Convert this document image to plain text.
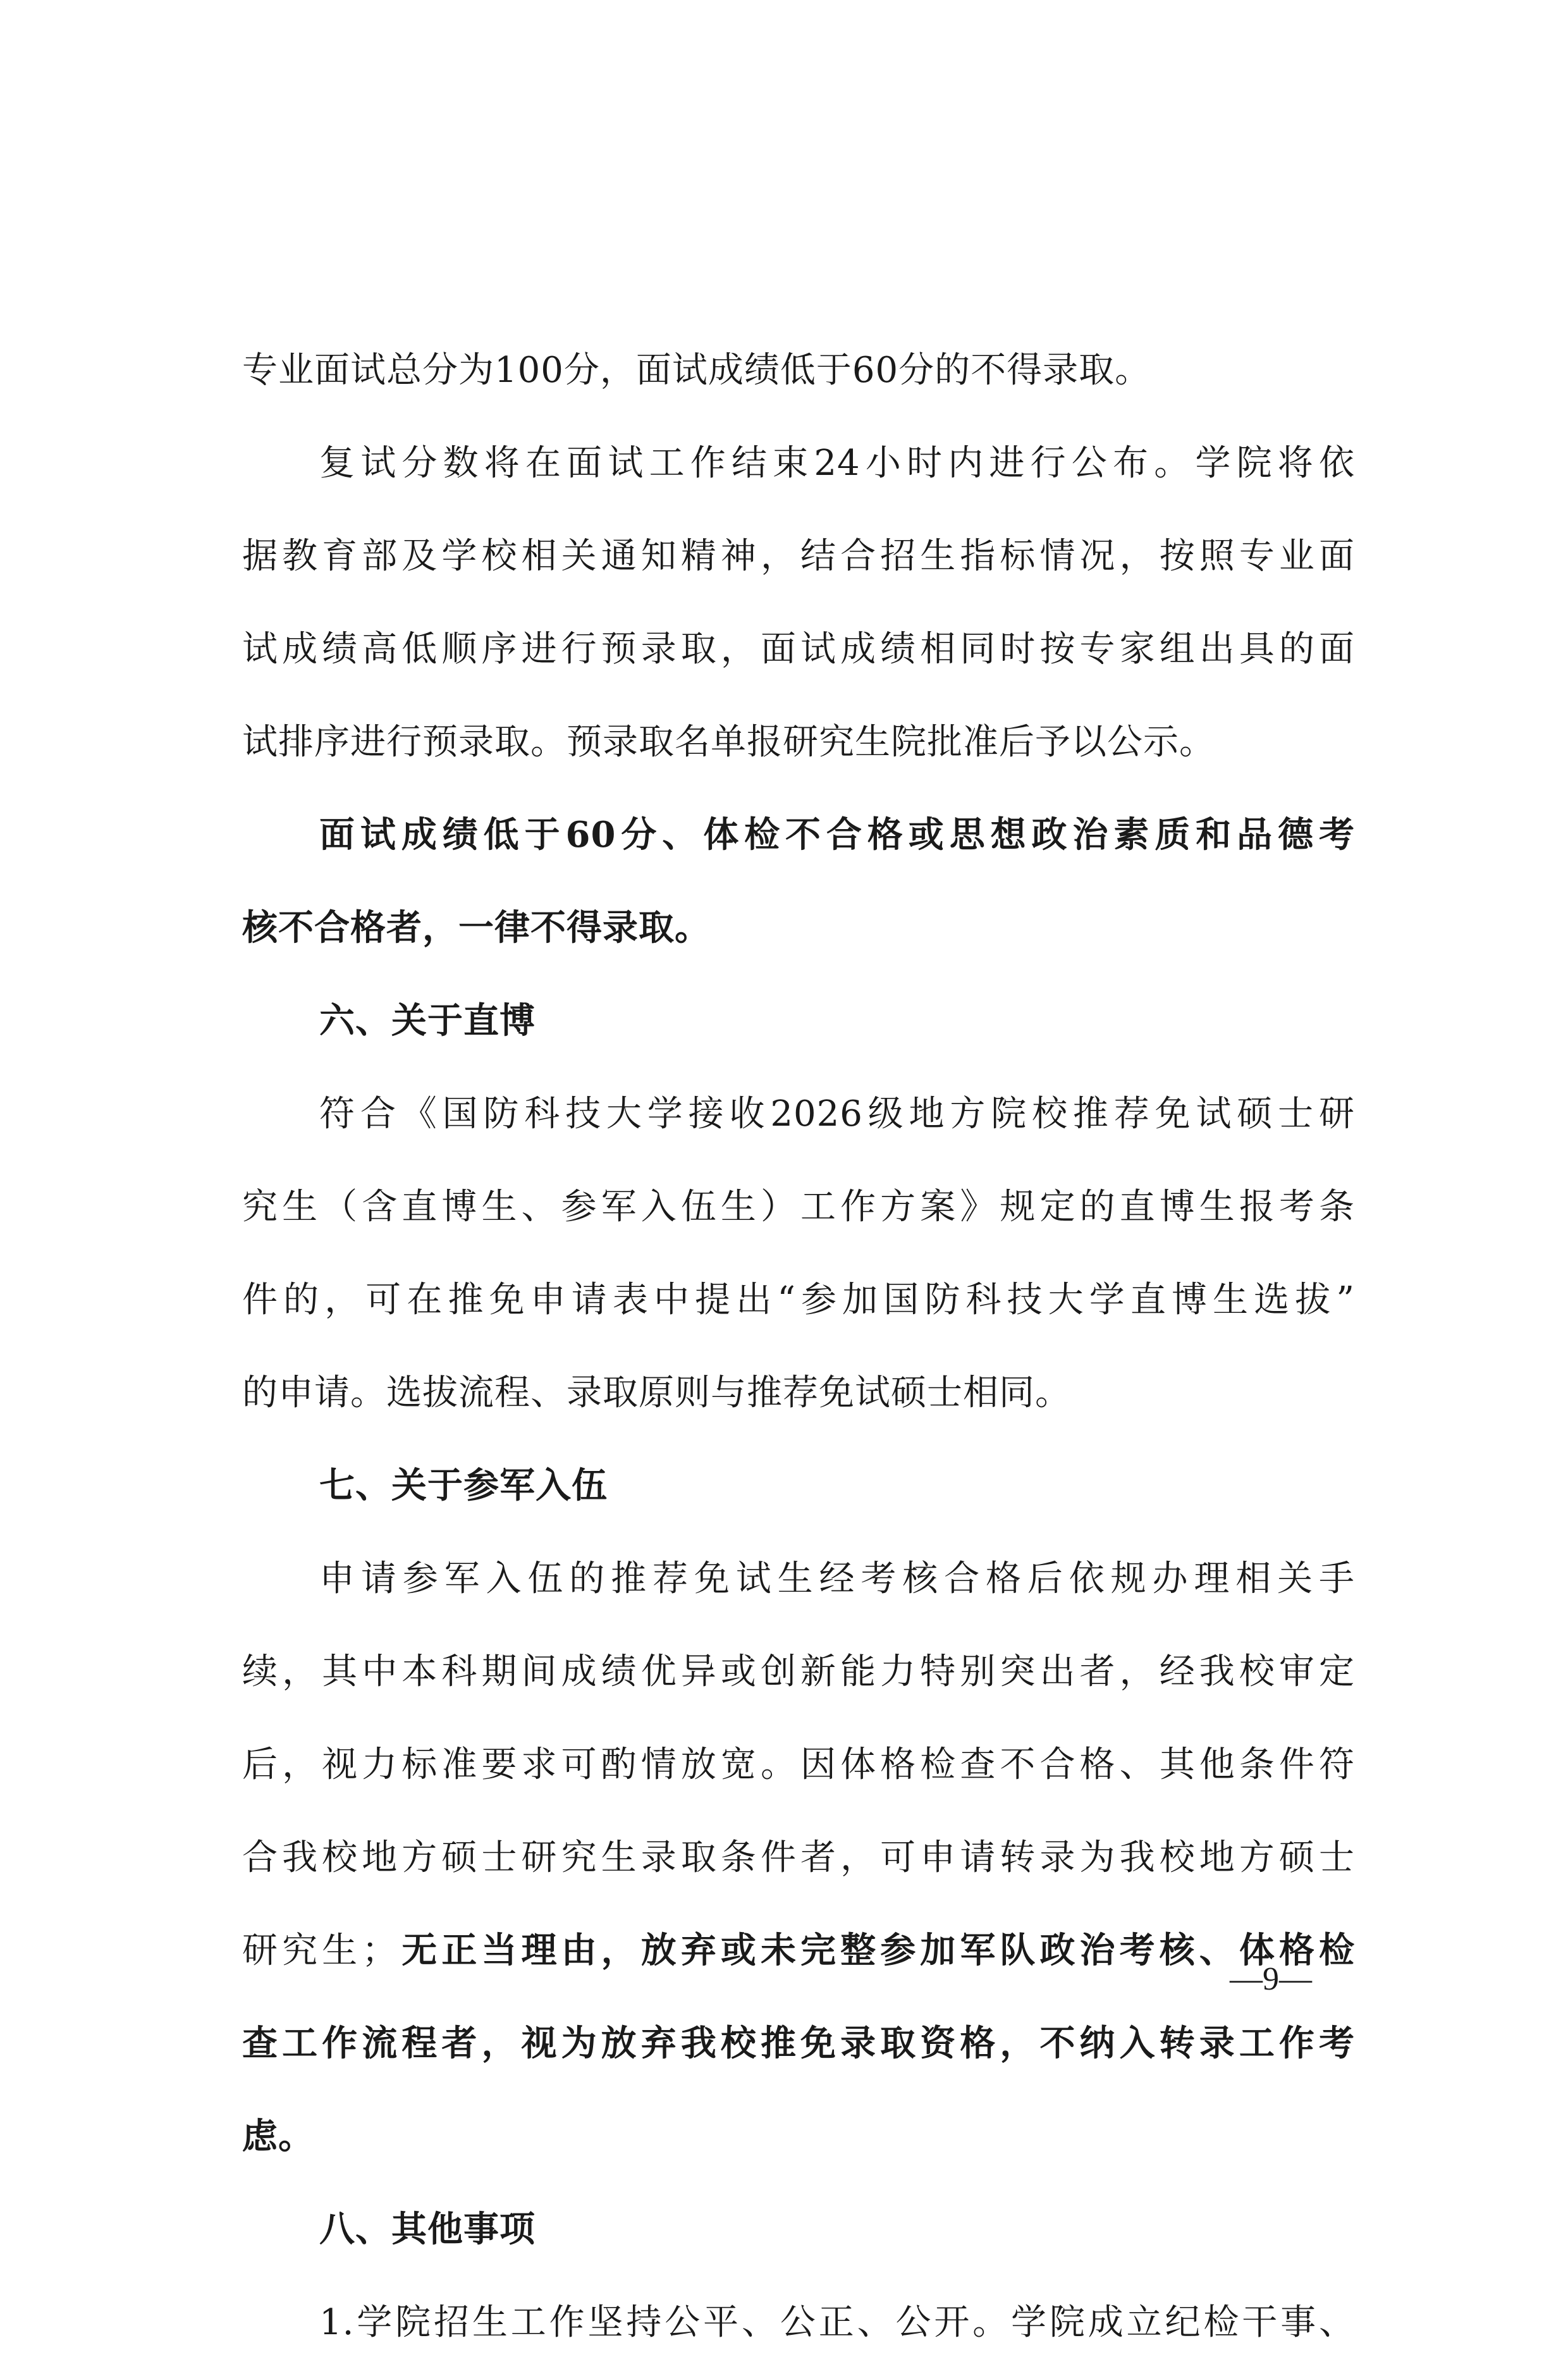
专业面试总分为100分，面试成绩低于60分的不得录取。
复试分数将在面试工作结束24小时内进行公布。学院将依
据教育部及学校相关通知精神，结合招生指标情况，按照专业面
试成绩高低顺序进行预录取，面试成绩相同时按专家组出具的面
试排序进行预录取。预录取名单报研究生院批准后予以公示。
面试成绩低于60分、体检不合格或思想政治素质和品德考
核不合格者，一律不得录取。
六、关于直博
符合《国防科技大学接收2026级地方院校推荐免试硕士研
究生（含直博生、参军入伍生）工作方案》规定的直博生报考条
件的，可在推免申请表中提出“参加国防科技大学直博生选拔”
的申请。选拔流程、录取原则与推荐免试硕士相同。
七、关于参军入伍
申请参军入伍的推荐免试生经考核合格后依规办理相关手
续，其中本科期间成绩优异或创新能力特别突出者，经我校审定
后，视力标准要求可酌情放宽。因体格检查不合格、其他条件符
合我校地方硕士研究生录取条件者，可申请转录为我校地方硕士
研究生；无正当理由，放弃或未完整参加军队政治考核、体格检
查工作流程者，视为放弃我校推免录取资格，不纳入转录工作考
虑。
八、其他事项
1.学院招生工作坚持公平、公正、公开。学院成立纪检干事、
—9—
